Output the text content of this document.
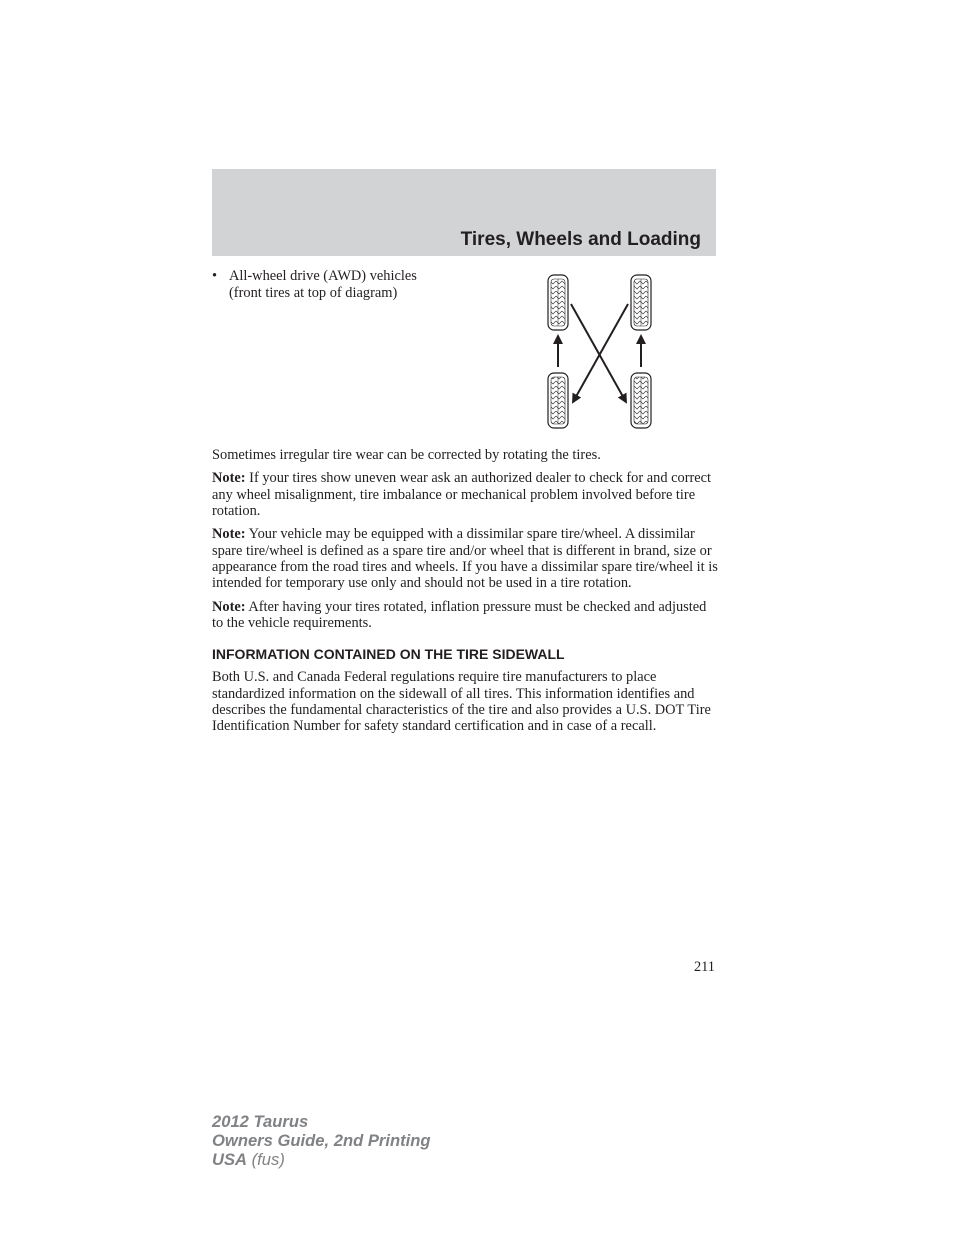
Tires, Wheels and Loading
• All-wheel drive (AWD) vehicles
(front tires at top of diagram)

Sometimes irregular tire wear can be corrected by rotating the tires.

Note: If your tires show uneven wear ask an authorized dealer to check for and correct any wheel misalignment, tire imbalance or mechanical problem involved before tire rotation.

Note: Your vehicle may be equipped with a dissimilar spare tire/wheel. A dissimilar spare tire/wheel is defined as a spare tire and/or wheel that is different in brand, size or appearance from the road tires and wheels. If you have a dissimilar spare tire/wheel it is intended for temporary use only and should not be used in a tire rotation.

Note: After having your tires rotated, inflation pressure must be checked and adjusted to the vehicle requirements.

INFORMATION CONTAINED ON THE TIRE SIDEWALL

Both U.S. and Canada Federal regulations require tire manufacturers to place standardized information on the sidewall of all tires. This information identifies and describes the fundamental characteristics of the tire and also provides a U.S. DOT Tire Identification Number for safety standard certification and in case of a recall.

211
2012 Taurus
Owners Guide, 2nd Printing
USA (fus)
